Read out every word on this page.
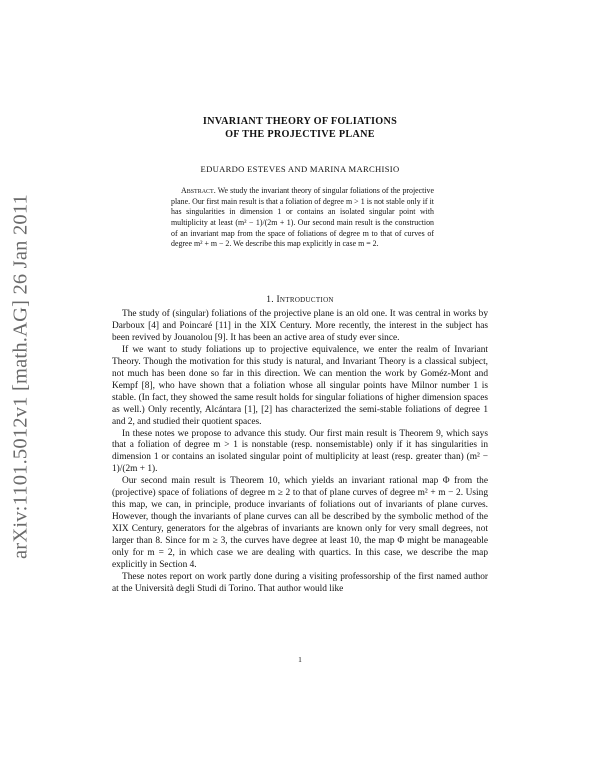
arXiv:1101.5012v1 [math.AG] 26 Jan 2011
INVARIANT THEORY OF FOLIATIONS
OF THE PROJECTIVE PLANE
EDUARDO ESTEVES AND MARINA MARCHISIO
Abstract. We study the invariant theory of singular foliations of the projective plane. Our first main result is that a foliation of degree m > 1 is not stable only if it has singularities in dimension 1 or contains an isolated singular point with multiplicity at least (m² − 1)/(2m + 1). Our second main result is the construction of an invariant map from the space of foliations of degree m to that of curves of degree m² + m − 2. We describe this map explicitly in case m = 2.
1. Introduction

The study of (singular) foliations of the projective plane is an old one. It was central in works by Darboux [4] and Poincaré [11] in the XIX Century. More recently, the interest in the subject has been revived by Jouanolou [9]. It has been an active area of study ever since.

If we want to study foliations up to projective equivalence, we enter the realm of Invariant Theory. Though the motivation for this study is natural, and Invariant Theory is a classical subject, not much has been done so far in this direction. We can mention the work by Goméz-Mont and Kempf [8], who have shown that a foliation whose all singular points have Milnor number 1 is stable. (In fact, they showed the same result holds for singular foliations of higher dimension spaces as well.) Only recently, Alcántara [1], [2] has characterized the semi-stable foliations of degree 1 and 2, and studied their quotient spaces.

In these notes we propose to advance this study. Our first main result is Theorem 9, which says that a foliation of degree m > 1 is nonstable (resp. nonsemistable) only if it has singularities in dimension 1 or contains an isolated singular point of multiplicity at least (resp. greater than) (m² − 1)/(2m + 1).

Our second main result is Theorem 10, which yields an invariant rational map Φ from the (projective) space of foliations of degree m ≥ 2 to that of plane curves of degree m² + m − 2. Using this map, we can, in principle, produce invariants of foliations out of invariants of plane curves. However, though the invariants of plane curves can all be described by the symbolic method of the XIX Century, generators for the algebras of invariants are known only for very small degrees, not larger than 8. Since for m ≥ 3, the curves have degree at least 10, the map Φ might be manageable only for m = 2, in which case we are dealing with quartics. In this case, we describe the map explicitly in Section 4.

These notes report on work partly done during a visiting professorship of the first named author at the Università degli Studi di Torino. That author would like

1
